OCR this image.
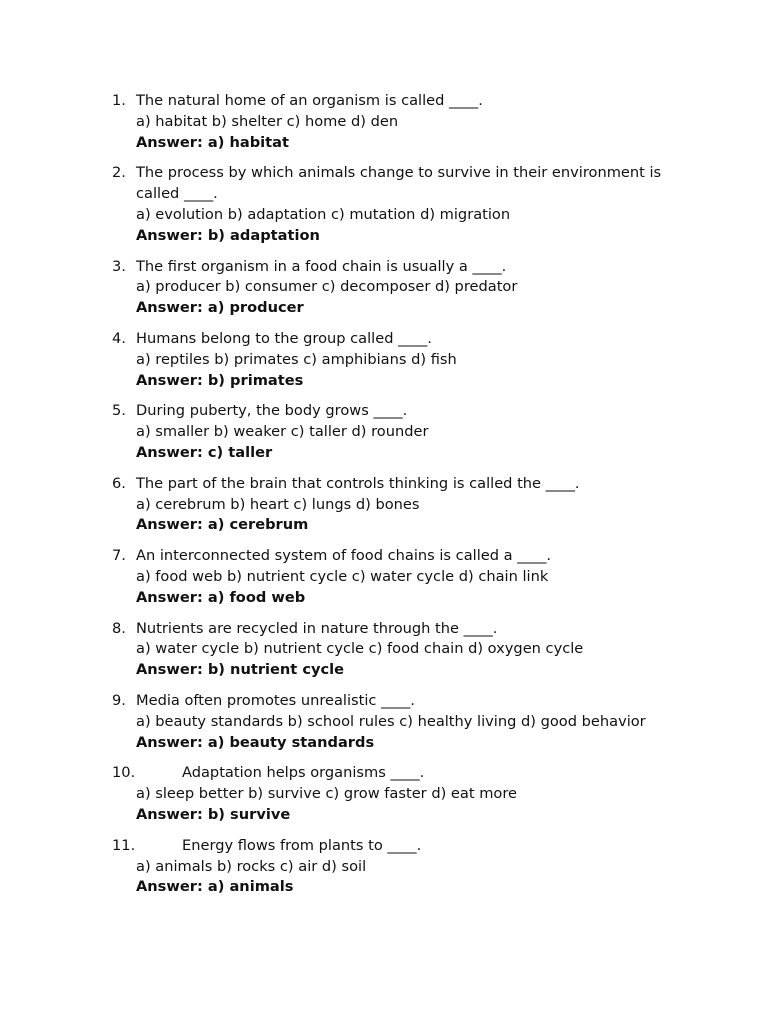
1. The natural home of an organism is called ____.
a) habitat b) shelter c) home d) den
Answer: a) habitat
2. The process by which animals change to survive in their environment is called ____.
a) evolution b) adaptation c) mutation d) migration
Answer: b) adaptation
3. The first organism in a food chain is usually a ____.
a) producer b) consumer c) decomposer d) predator
Answer: a) producer
4. Humans belong to the group called ____.
a) reptiles b) primates c) amphibians d) fish
Answer: b) primates
5. During puberty, the body grows ____.
a) smaller b) weaker c) taller d) rounder
Answer: c) taller
6. The part of the brain that controls thinking is called the ____.
a) cerebrum b) heart c) lungs d) bones
Answer: a) cerebrum
7. An interconnected system of food chains is called a ____.
a) food web b) nutrient cycle c) water cycle d) chain link
Answer: a) food web
8. Nutrients are recycled in nature through the ____.
a) water cycle b) nutrient cycle c) food chain d) oxygen cycle
Answer: b) nutrient cycle
9. Media often promotes unrealistic ____.
a) beauty standards b) school rules c) healthy living d) good behavior
Answer: a) beauty standards
10.	Adaptation helps organisms ____.
a) sleep better b) survive c) grow faster d) eat more
Answer: b) survive
11.	Energy flows from plants to ____.
a) animals b) rocks c) air d) soil
Answer: a) animals
